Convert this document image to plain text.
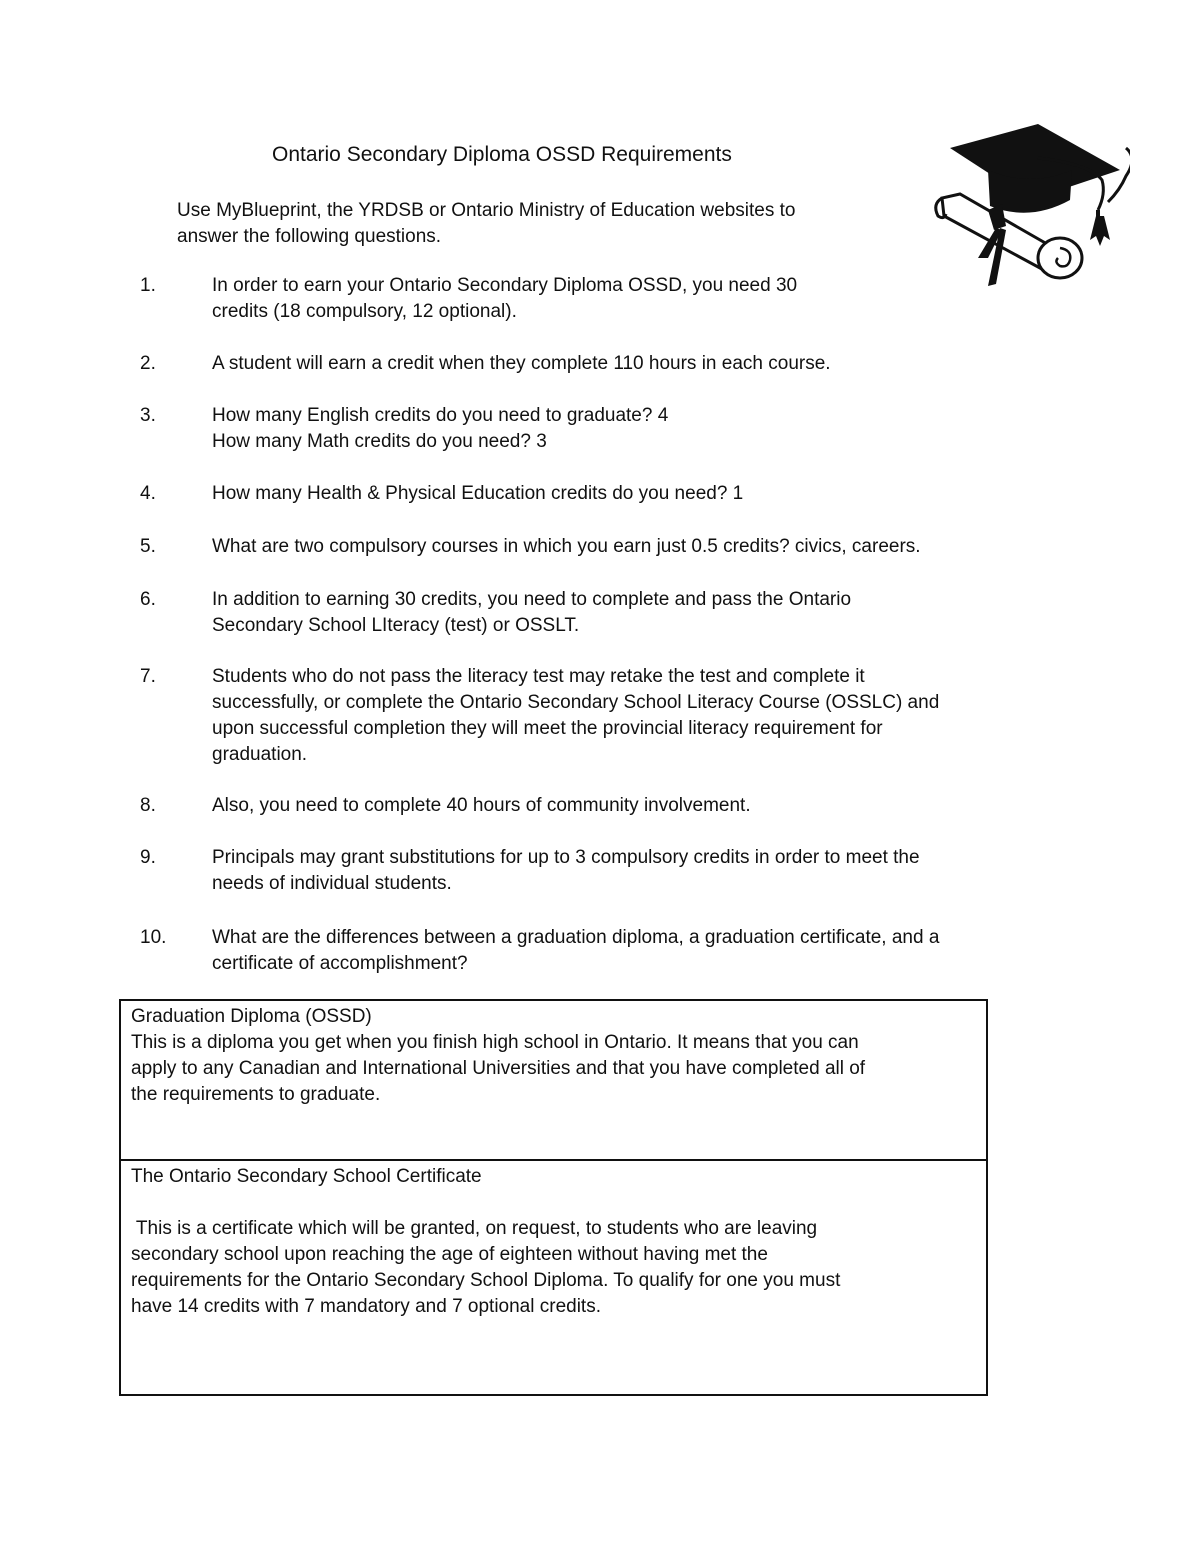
Ontario Secondary Diploma OSSD Requirements
Use MyBlueprint, the YRDSB or Ontario Ministry of Education websites to
answer the following questions.
1.	In order to earn your Ontario Secondary Diploma OSSD, you need 30
credits (18 compulsory, 12 optional).
2.	A student will earn a credit when they complete 110 hours in each course.
3.	How many English credits do you need to graduate? 4
How many Math credits do you need? 3
4.	How many Health & Physical Education credits do you need? 1
5.	What are two compulsory courses in which you earn just 0.5 credits? civics, careers.
6.	In addition to earning 30 credits, you need to complete and pass the Ontario
Secondary School LIteracy (test) or OSSLT.
7.	Students who do not pass the literacy test may retake the test and complete it
successfully, or complete the Ontario Secondary School Literacy Course (OSSLC) and
upon successful completion they will meet the provincial literacy requirement for
graduation.
8.	Also, you need to complete 40 hours of community involvement.
9.	Principals may grant substitutions for up to 3 compulsory credits in order to meet the
needs of individual students.
10.	What are the differences between a graduation diploma, a graduation certificate, and a
certificate of accomplishment?
Graduation Diploma (OSSD)
This is a diploma you get when you finish high school in Ontario. It means that you can
apply to any Canadian and International Universities and that you have completed all of
the requirements to graduate.
The Ontario Secondary School Certificate
This is a certificate which will be granted, on request, to students who are leaving
secondary school upon reaching the age of eighteen without having met the
requirements for the Ontario Secondary School Diploma. To qualify for one you must
have 14 credits with 7 mandatory and 7 optional credits.
